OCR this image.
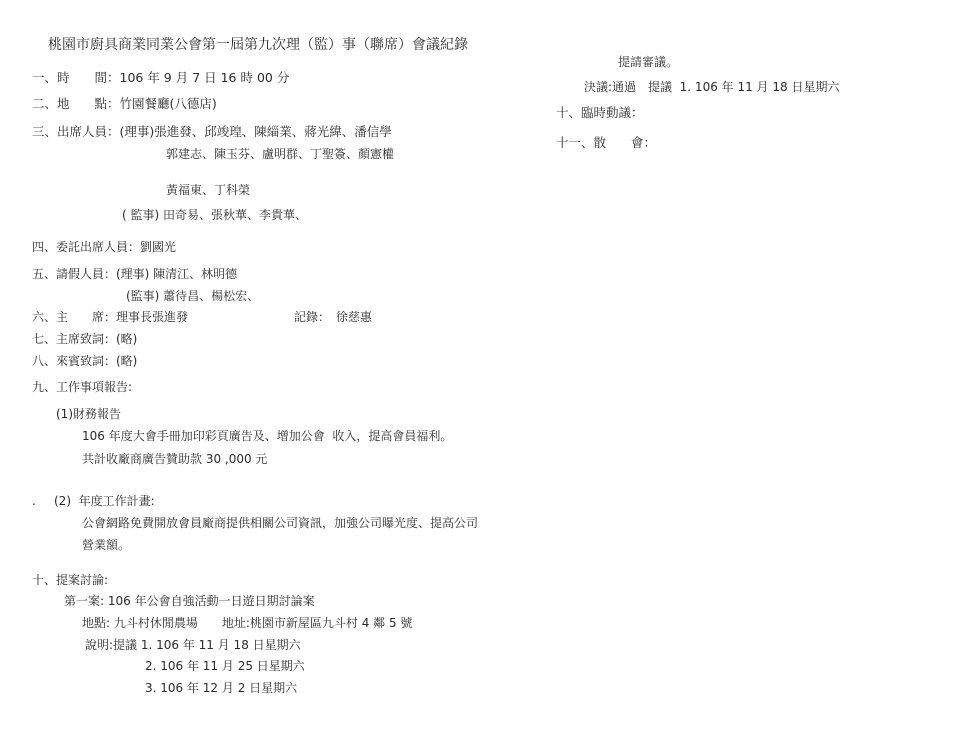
桃園市廚具商業同業公會第一屆第九次理（監）事（聯席）會議紀錄
一、時　　間：106 年 9 月 7 日 16 時 00 分
二、地　　點：竹園餐廳(八德店)
三、出席人員：(理事)張進發、邱竣瑝、陳緇業、蔣光緯、潘信學
郭建志、陳玉芬、盧明群、丁聖簽、顏憲權
黃福東、丁科榮
( 監事) 田奇易、張秋華、李貴華、
四、委託出席人員：劉國光
五、請假人員：(理事) 陳清江、林明德
(監事) 蕭待昌、楊松宏、
六、主　　席：理事長張進發	記錄：　徐慈惠
七、主席致詞：(略)
八、來賓致詞：(略)
九、工作事項報告:
(1)財務報告
106 年度大會手冊加印彩頁廣告及、增加公會  收入，提高會員福利。
共計收廠商廣告贊助款 30 ,000 元
. (2)  年度工作計畫:
公會網路免費開放會員廠商提供相關公司資訊，加強公司曝光度、提高公司
營業額。
十、提案討論:
第一案: 106 年公會自強活動一日遊日期討論案
地點: 九斗村休閒農場　　地址:桃園市新屋區九斗村 4 鄰 5 號
說明:提議 1. 106 年 11 月 18 日星期六
2. 106 年 11 月 25 日星期六
3. 106 年 12 月 2 日星期六
提請審議。
決議:通過　提議  1. 106 年 11 月 18 日星期六
十、臨時動議：
十一、散　　會：
